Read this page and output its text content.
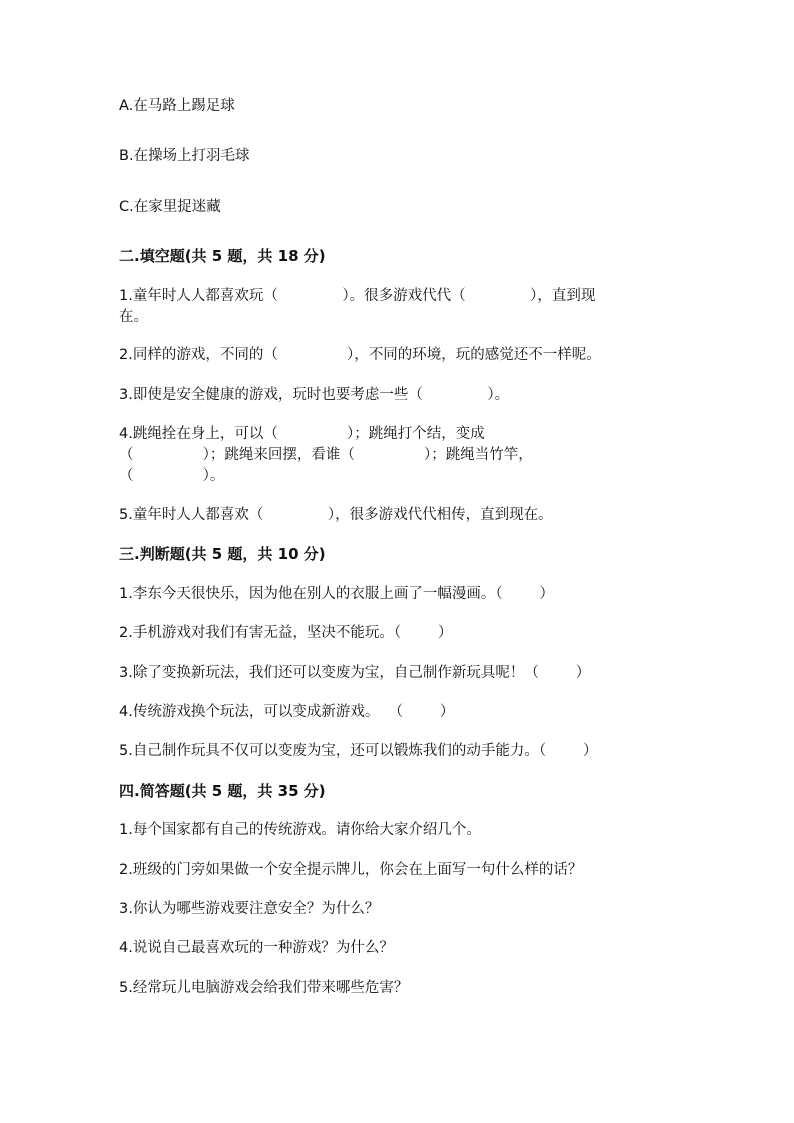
A.在马路上踢足球
B.在操场上打羽毛球
C.在家里捉迷藏
二.填空题(共 5 题，共 18 分)
1.童年时人人都喜欢玩（              ）。很多游戏代代（              ），直到现
在。
2.同样的游戏，不同的（               ），不同的环境，玩的感觉还不一样呢。
3.即使是安全健康的游戏，玩时也要考虑一些（              ）。
4.跳绳拴在身上，可以（               ）；跳绳打个结，变成
（               ）；跳绳来回摆，看谁（               ）；跳绳当竹竿，
（               ）。
5.童年时人人都喜欢（              ），很多游戏代代相传，直到现在。
三.判断题(共 5 题，共 10 分)
1.李东今天很快乐，因为他在别人的衣服上画了一幅漫画。（        ）
2.手机游戏对我们有害无益，坚决不能玩。（        ）
3.除了变换新玩法，我们还可以变废为宝，自己制作新玩具呢！（        ）
4.传统游戏换个玩法，可以变成新游戏。  （        ）
5.自己制作玩具不仅可以变废为宝，还可以锻炼我们的动手能力。（        ）
四.简答题(共 5 题，共 35 分)
1.每个国家都有自己的传统游戏。请你给大家介绍几个。
2.班级的门旁如果做一个安全提示牌儿，你会在上面写一句什么样的话？
3.你认为哪些游戏要注意安全？为什么？
4.说说自己最喜欢玩的一种游戏？为什么？
5.经常玩儿电脑游戏会给我们带来哪些危害？
